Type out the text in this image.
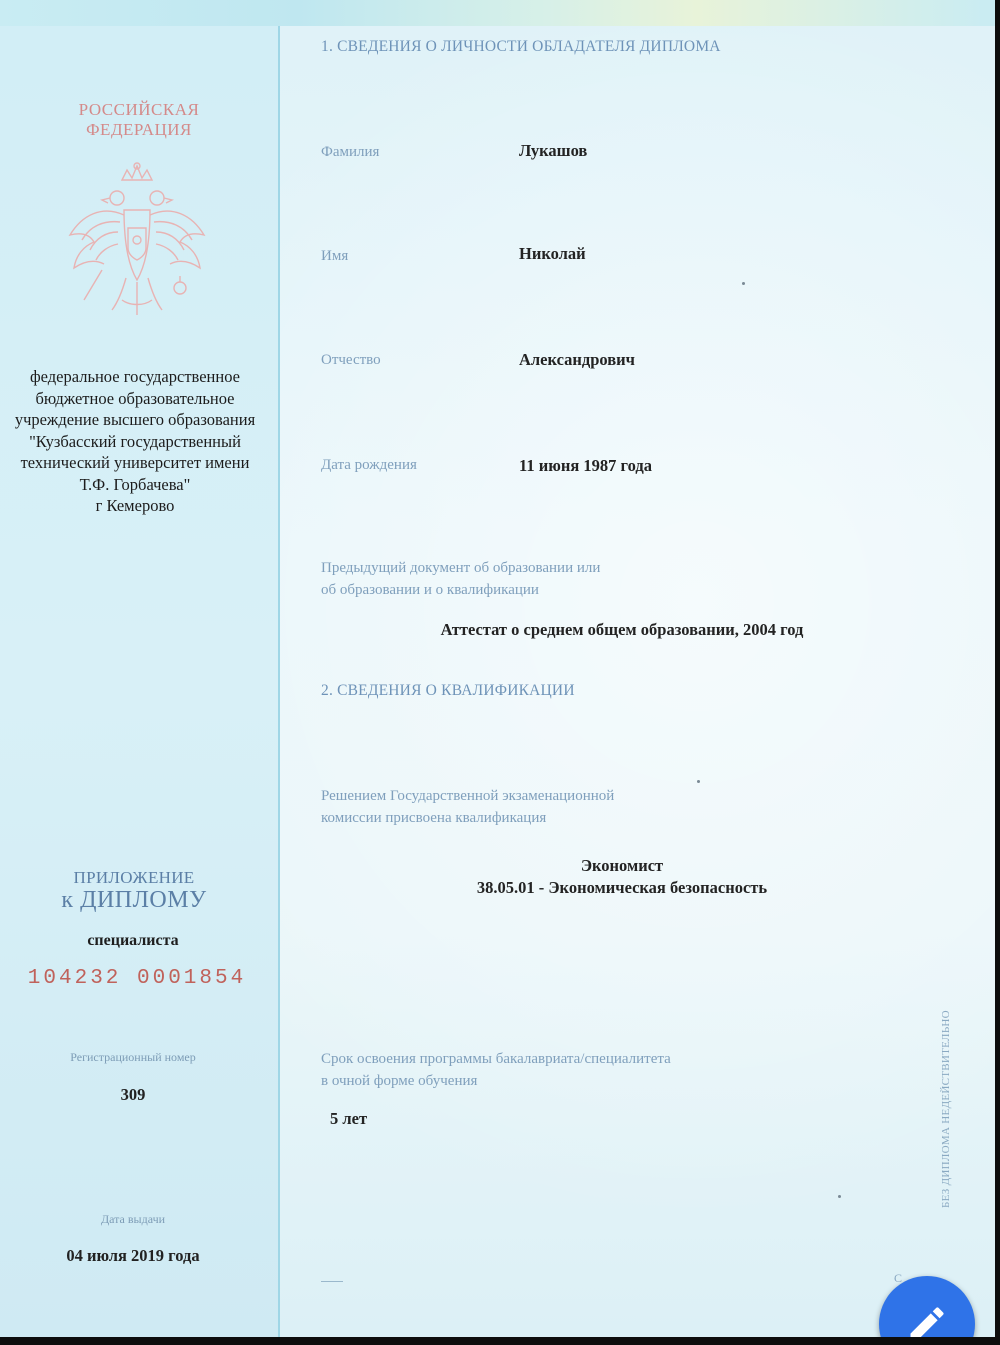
РОССИЙСКАЯ
ФЕДЕРАЦИЯ
федеральное государственное
бюджетное образовательное
учреждение высшего образования
"Кузбасский государственный
технический университет имени
Т.Ф. Горбачева"
г Кемерово
ПРИЛОЖЕНИЕ
к ДИПЛОМУ
специалиста
104232 0001854
Регистрационный номер
309
Дата выдачи
04 июля 2019 года
1. СВЕДЕНИЯ О ЛИЧНОСТИ ОБЛАДАТЕЛЯ ДИПЛОМА
Фамилия	Лукашов
Имя	Николай
Отчество	Александрович
Дата рождения	11 июня 1987 года
Предыдущий документ об образовании или
об образовании и о квалификации
Аттестат о среднем общем образовании, 2004 год
2. СВЕДЕНИЯ О КВАЛИФИКАЦИИ
Решением Государственной экзаменационной
комиссии присвоена квалификация
Экономист
38.05.01 - Экономическая безопасность
Срок освоения программы бакалавриата/специалитета
в очной форме обучения
5 лет	БЕЗ ДИПЛОМА НЕДЕЙСТВИТЕЛЬНО
С
